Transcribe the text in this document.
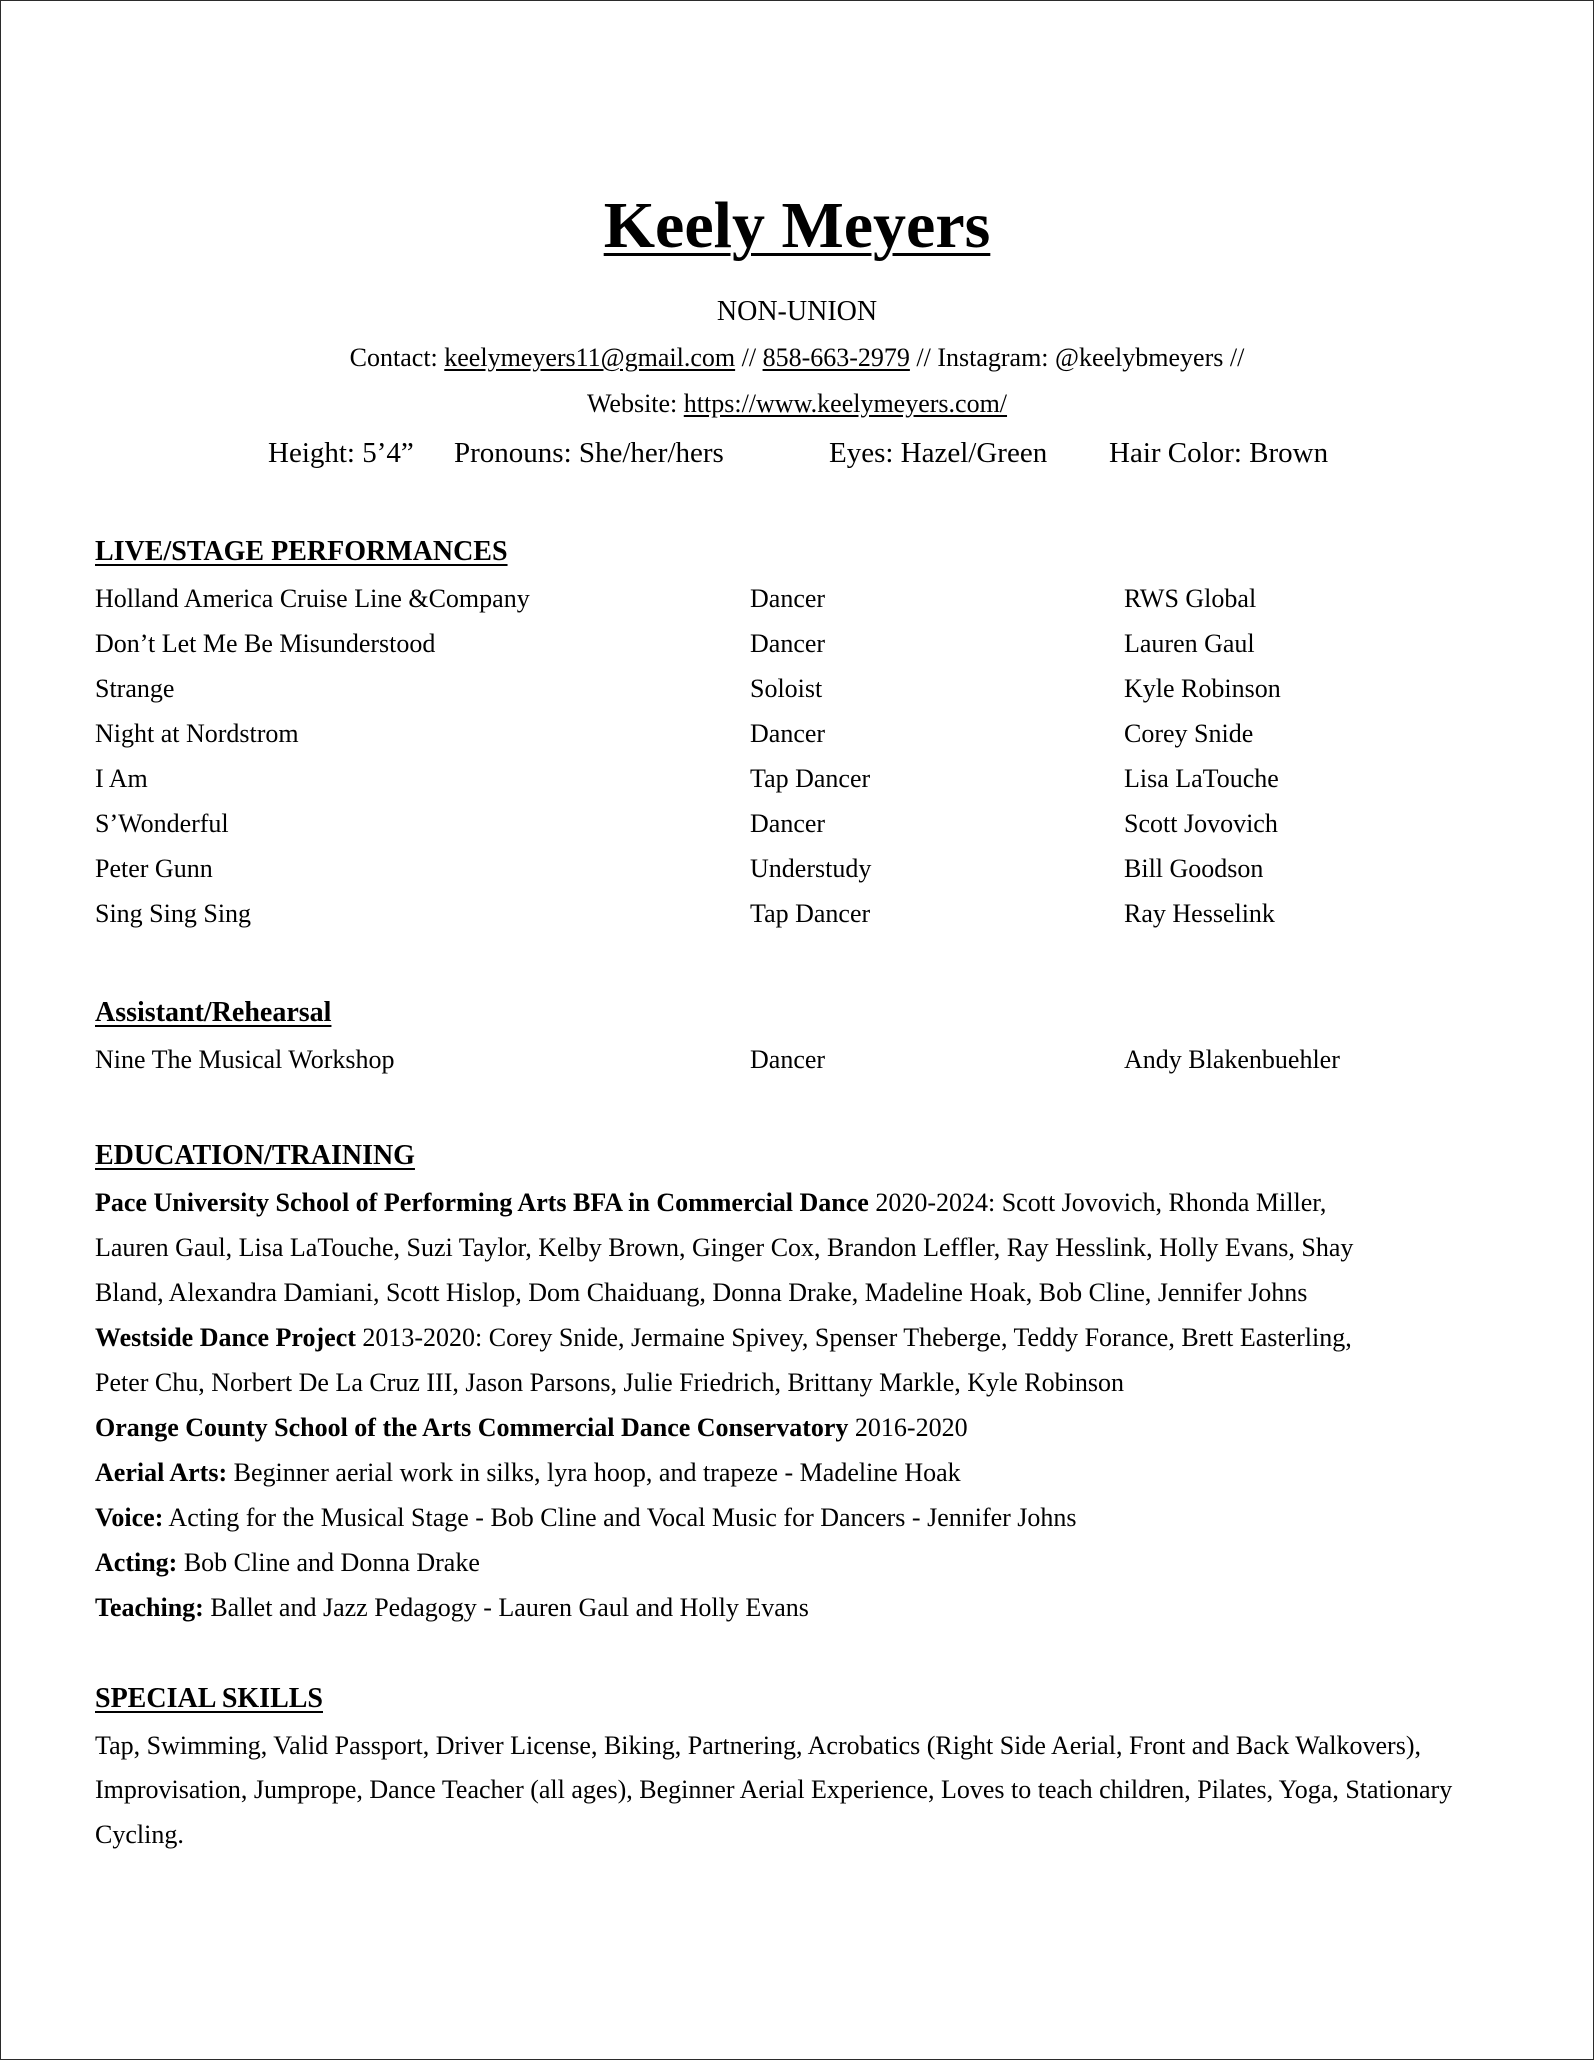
Keely Meyers
NON-UNION
Contact: keelymeyers11@gmail.com // 858-663-2979 // Instagram: @keelybmeyers //
Website: https://www.keelymeyers.com/
Height: 5’4” Pronouns: She/her/hers	Eyes: Hazel/Green Hair Color: Brown
LIVE/STAGE PERFORMANCES
Holland America Cruise Line &Company	Dancer	RWS Global
Don’t Let Me Be Misunderstood	Dancer	Lauren Gaul
Strange	Soloist	Kyle Robinson
Night at Nordstrom	Dancer	Corey Snide
I Am	Tap Dancer	Lisa LaTouche
S’Wonderful	Dancer	Scott Jovovich
Peter Gunn	Understudy	Bill Goodson
Sing Sing Sing	Tap Dancer	Ray Hesselink
Assistant/Rehearsal
Nine The Musical Workshop	Dancer	Andy Blakenbuehler
EDUCATION/TRAINING
Pace University School of Performing Arts BFA in Commercial Dance 2020-2024: Scott Jovovich, Rhonda Miller,
Lauren Gaul, Lisa LaTouche, Suzi Taylor, Kelby Brown, Ginger Cox, Brandon Leffler, Ray Hesslink, Holly Evans, Shay
Bland, Alexandra Damiani, Scott Hislop, Dom Chaiduang, Donna Drake, Madeline Hoak, Bob Cline, Jennifer Johns
Westside Dance Project 2013-2020: Corey Snide, Jermaine Spivey, Spenser Theberge, Teddy Forance, Brett Easterling,
Peter Chu, Norbert De La Cruz III, Jason Parsons, Julie Friedrich, Brittany Markle, Kyle Robinson
Orange County School of the Arts Commercial Dance Conservatory 2016-2020
Aerial Arts: Beginner aerial work in silks, lyra hoop, and trapeze - Madeline Hoak
Voice: Acting for the Musical Stage - Bob Cline and Vocal Music for Dancers - Jennifer Johns
Acting: Bob Cline and Donna Drake
Teaching: Ballet and Jazz Pedagogy - Lauren Gaul and Holly Evans
SPECIAL SKILLS
Tap, Swimming, Valid Passport, Driver License, Biking, Partnering, Acrobatics (Right Side Aerial, Front and Back Walkovers),
Improvisation, Jumprope, Dance Teacher (all ages), Beginner Aerial Experience, Loves to teach children, Pilates, Yoga, Stationary
Cycling.
